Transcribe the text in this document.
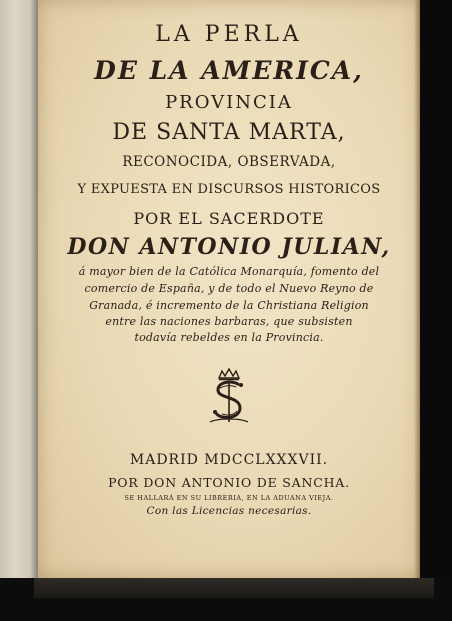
LA PERLA
DE LA AMERICA,
PROVINCIA
DE SANTA MARTA,
RECONOCIDA, OBSERVADA,
Y EXPUESTA EN DISCURSOS HISTORICOS
POR EL SACERDOTE
DON ANTONIO JULIAN,
á mayor bien de la Católica Monarquía, fomento del
comercio de España, y de todo el Nuevo Reyno de
Granada, é incremento de la Christiana Religion
entre las naciones barbaras, que subsisten
todavía rebeldes en la Provincia.
MADRID MDCCLXXXVII.
POR DON ANTONIO DE SANCHA.
SE HALLARÁ EN SU LIBRERIA, EN LA ADUANA VIEJA.
Con las Licencias necesarias.
